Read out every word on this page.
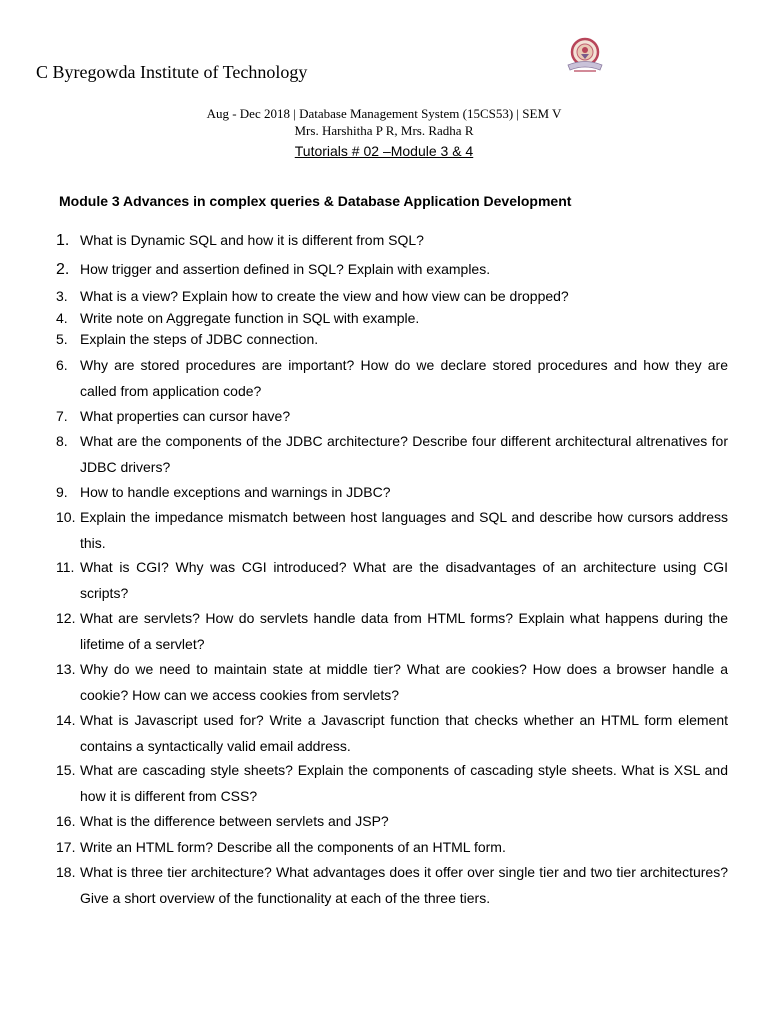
C Byregowda Institute of Technology
Aug - Dec 2018 | Database Management System (15CS53) | SEM V
Mrs. Harshitha P R, Mrs. Radha R
Tutorials # 02 –Module 3 & 4
Module 3 Advances in complex queries & Database Application Development
1. What is Dynamic SQL and how it is different from SQL?
2. How trigger and assertion defined in SQL? Explain with examples.
3. What is a view? Explain how to create the view and how view can be dropped?
4. Write note on Aggregate function in SQL with example.
5. Explain the steps of JDBC connection.
6. Why are stored procedures are important? How do we declare stored procedures and how they are called from application code?
7. What properties can cursor have?
8. What are the components of the JDBC architecture? Describe four different architectural altrenatives for JDBC drivers?
9. How to handle exceptions and warnings in JDBC?
10. Explain the impedance mismatch between host languages and SQL and describe how cursors address this.
11. What is CGI? Why was CGI introduced? What are the disadvantages of an architecture using CGI scripts?
12. What are servlets? How do servlets handle data from HTML forms? Explain what happens during the lifetime of a servlet?
13. Why do we need to maintain state at middle tier? What are cookies? How does a browser handle a cookie? How can we access cookies from servlets?
14. What is Javascript used for? Write a Javascript function that checks whether an HTML form element contains a syntactically valid email address.
15. What are cascading style sheets? Explain the components of cascading style sheets. What is XSL and how it is different from CSS?
16. What is the difference between servlets and JSP?
17. Write an HTML form? Describe all the components of an HTML form.
18. What is three tier architecture? What advantages does it offer over single tier and two tier architectures? Give a short overview of the functionality at each of the three tiers.
